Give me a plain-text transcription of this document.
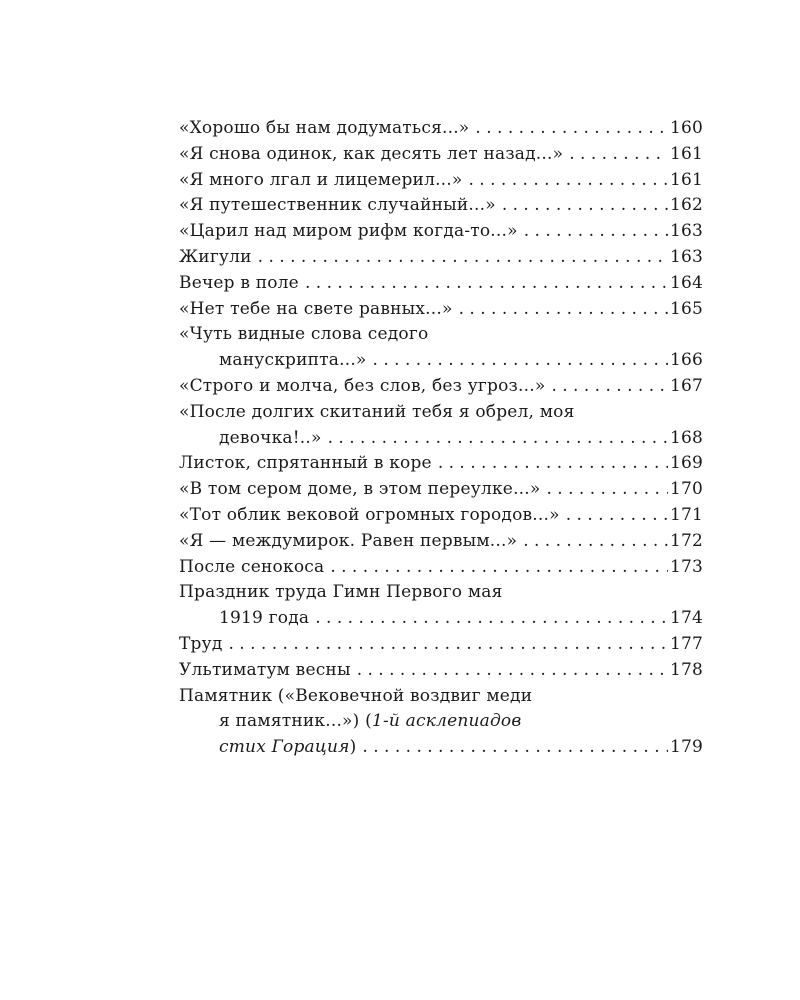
«Хорошо бы нам додуматься...» . . .	160
«Я снова одинок, как десять лет назад...» . . .	161
«Я много лгал и лицемерил...» . . .	161
«Я путешественник случайный...» . . .	162
«Царил над миром рифм когда-то...» . . .	163
Жигули . . .	163
Вечер в поле . . .	164
«Нет тебе на свете равных...» . . .	165
«Чуть видные слова седого
манускрипта...» . . .	166
«Строго и молча, без слов, без угроз...» . . .	167
«После долгих скитаний тебя я обрел, моя
девочка!..» . . .	168
Листок, спрятанный в коре . . .	169
«В том сером доме, в этом переулке...» . . .	170
«Тот облик вековой огромных городов...» . . .	171
«Я — междумирок. Равен первым...» . . .	172
После сенокоса . . .	173
Праздник труда Гимн Первого мая
1919 года . . .	174
Труд . . .	177
Ультиматум весны . . .	178
Памятник («Вековечной воздвиг меди
я памятник...») (1-й асклепиадов
стих Горация) . . .	179
